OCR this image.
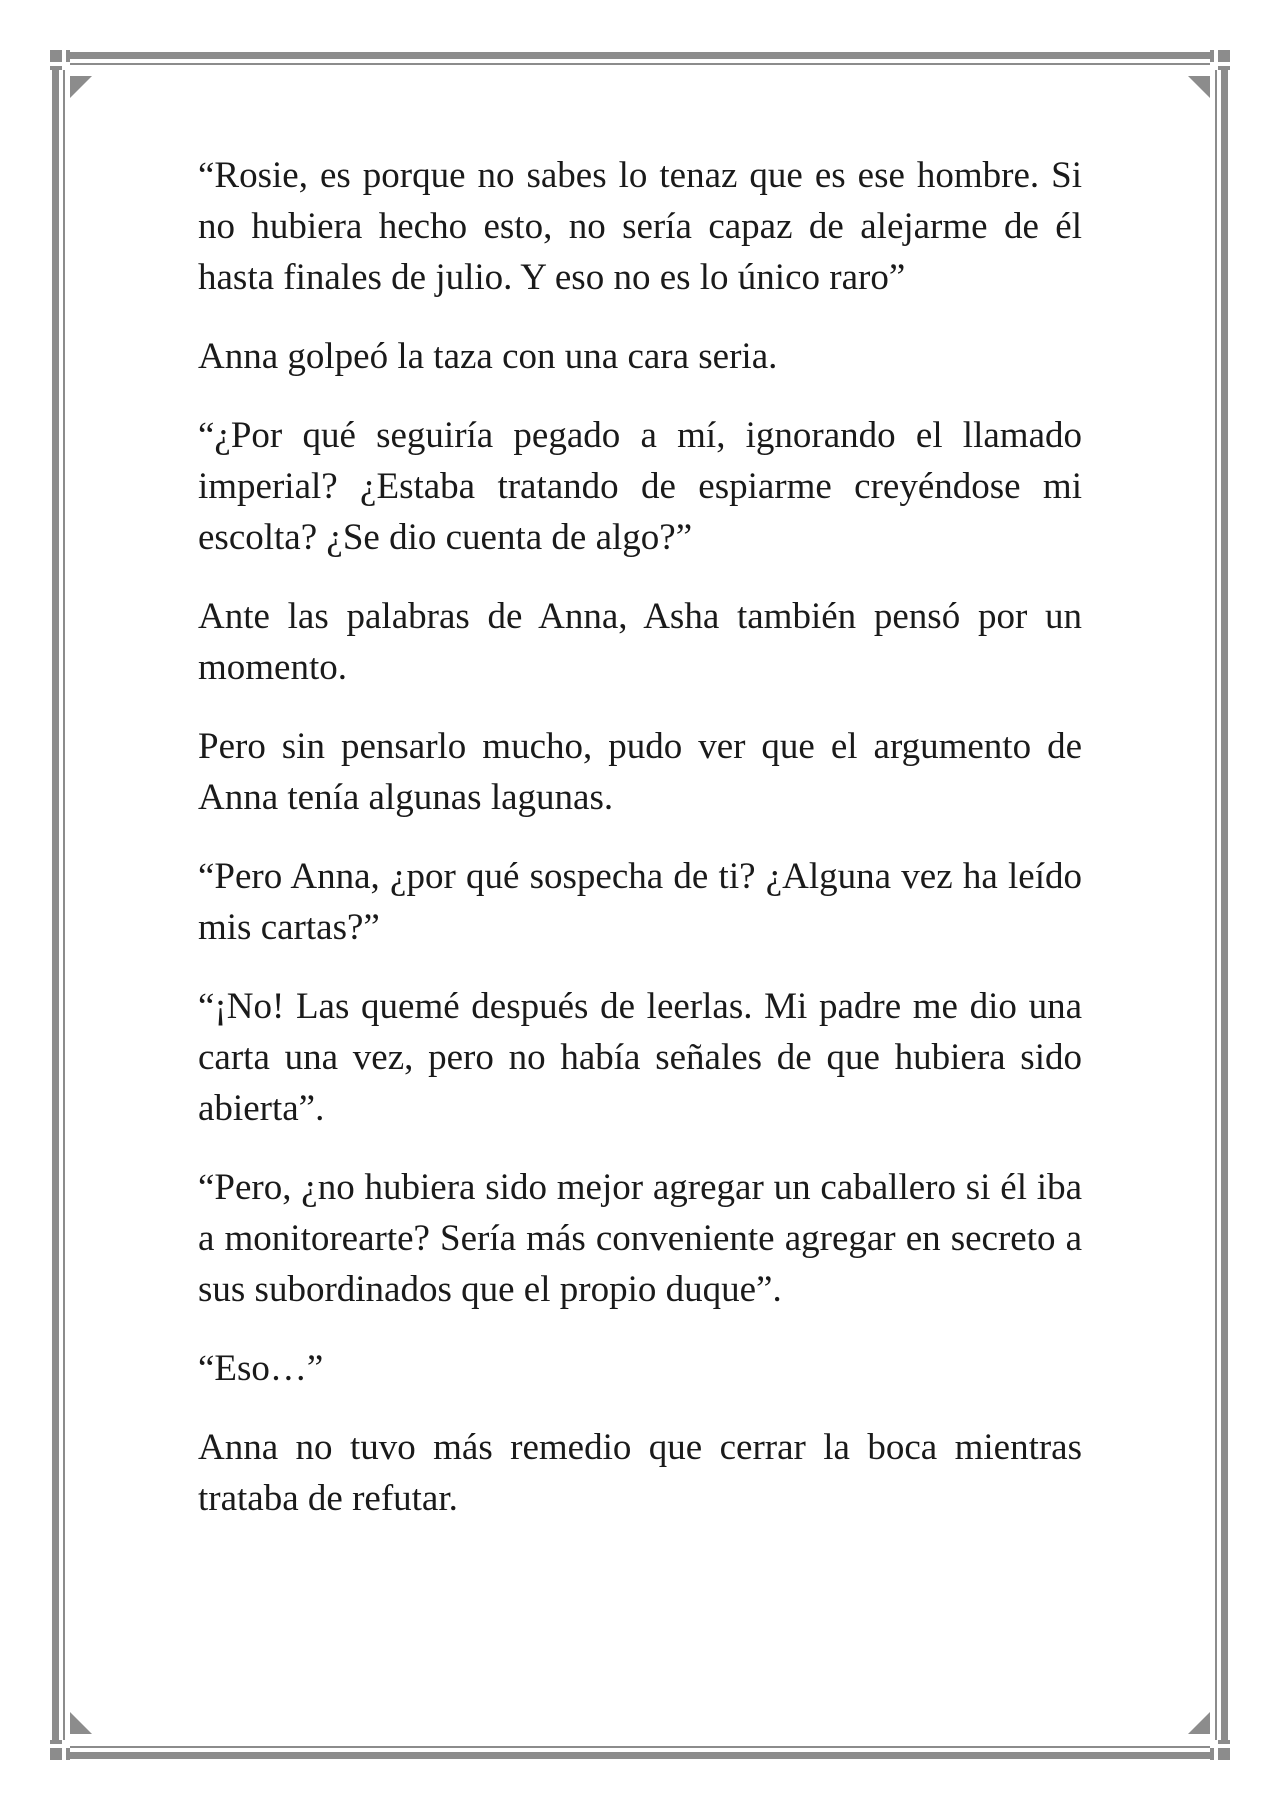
“Rosie, es porque no sabes lo tenaz que es ese hombre. Si no hubiera hecho esto, no sería capaz de alejarme de él hasta finales de julio. Y eso no es lo único raro”

Anna golpeó la taza con una cara seria.

“¿Por qué seguiría pegado a mí, ignorando el llamado imperial? ¿Estaba tratando de espiarme creyéndose mi escolta? ¿Se dio cuenta de algo?”

Ante las palabras de Anna, Asha también pensó por un momento.

Pero sin pensarlo mucho, pudo ver que el argumento de Anna tenía algunas lagunas.

“Pero Anna, ¿por qué sospecha de ti? ¿Alguna vez ha leído mis cartas?”

“¡No! Las quemé después de leerlas. Mi padre me dio una carta una vez, pero no había señales de que hubiera sido abierta”.

“Pero, ¿no hubiera sido mejor agregar un caballero si él iba a monitorearte? Sería más conveniente agregar en secreto a sus subordinados que el propio duque”.

“Eso…”

Anna no tuvo más remedio que cerrar la boca mientras trataba de refutar.
